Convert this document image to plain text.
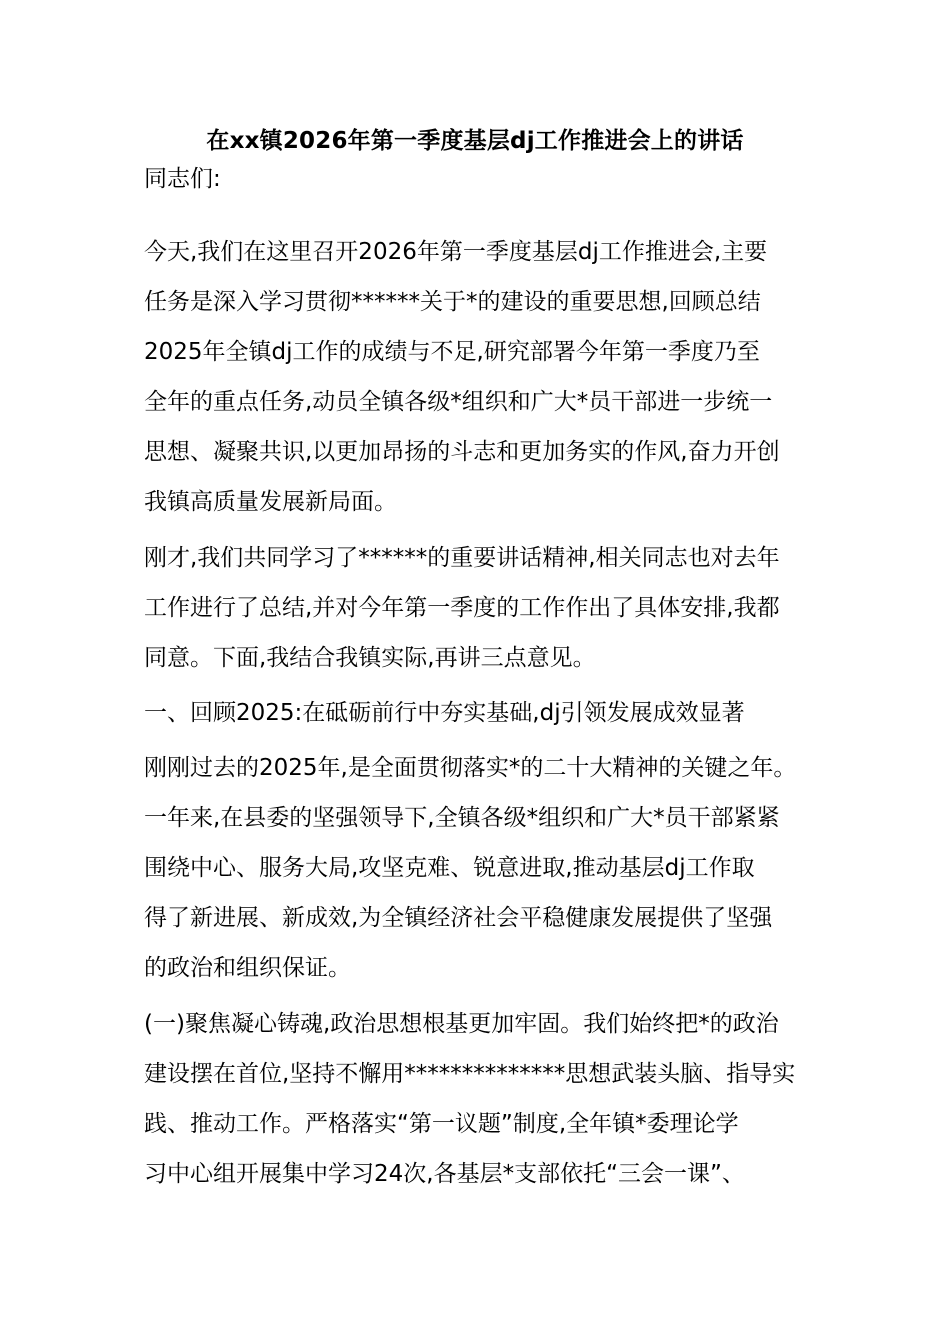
在xx镇2026年第一季度基层dj工作推进会上的讲话
同志们:
今天,我们在这里召开2026年第一季度基层dj工作推进会,主要
任务是深入学习贯彻******关于*的建设的重要思想,回顾总结
2025年全镇dj工作的成绩与不足,研究部署今年第一季度乃至
全年的重点任务,动员全镇各级*组织和广大*员干部进一步统一
思想、凝聚共识,以更加昂扬的斗志和更加务实的作风,奋力开创
我镇高质量发展新局面。
刚才,我们共同学习了******的重要讲话精神,相关同志也对去年
工作进行了总结,并对今年第一季度的工作作出了具体安排,我都
同意。下面,我结合我镇实际,再讲三点意见。
一、回顾2025:在砥砺前行中夯实基础,dj引领发展成效显著
刚刚过去的2025年,是全面贯彻落实*的二十大精神的关键之年。
一年来,在县委的坚强领导下,全镇各级*组织和广大*员干部紧紧
围绕中心、服务大局,攻坚克难、锐意进取,推动基层dj工作取
得了新进展、新成效,为全镇经济社会平稳健康发展提供了坚强
的政治和组织保证。
(一)聚焦凝心铸魂,政治思想根基更加牢固。我们始终把*的政治
建设摆在首位,坚持不懈用**************思想武装头脑、指导实
践、推动工作。严格落实“第一议题”制度,全年镇*委理论学
习中心组开展集中学习24次,各基层*支部依托“三会一课”、
